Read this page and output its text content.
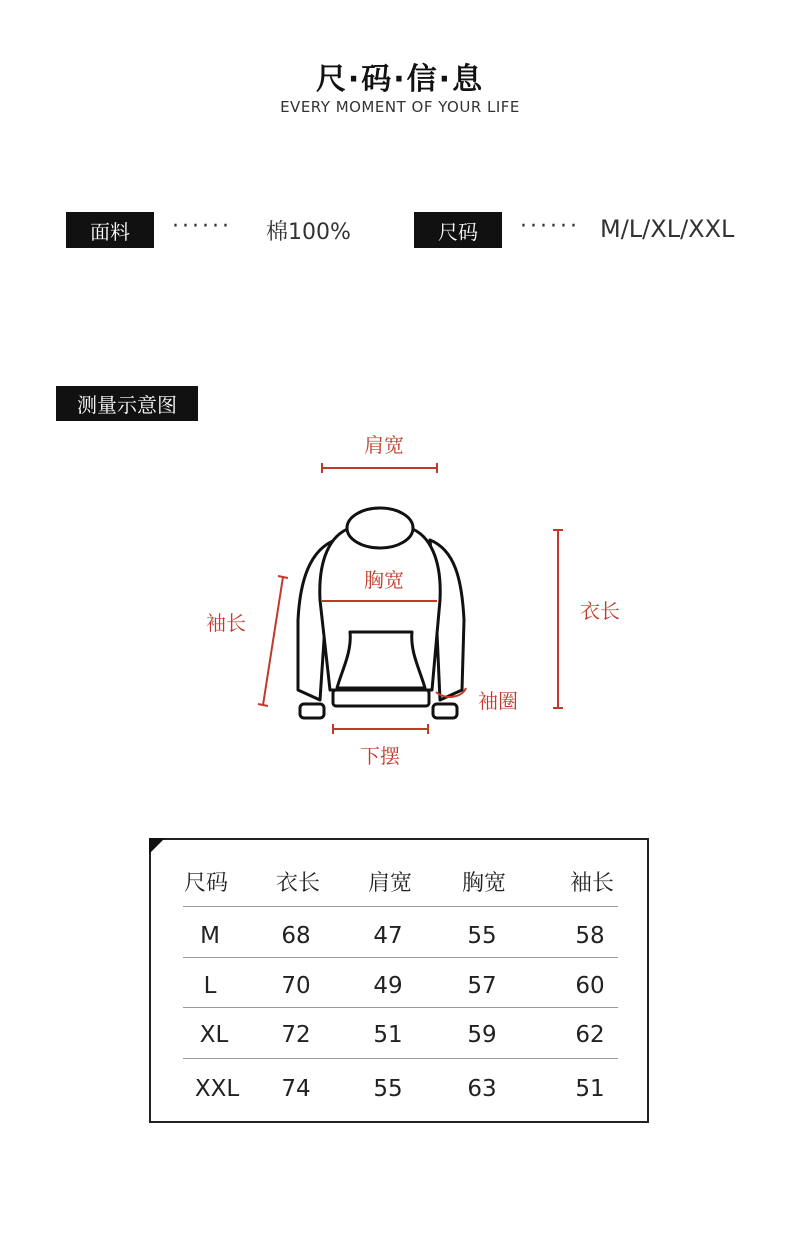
尺·码·信·息
EVERY MOMENT OF YOUR LIFE
面料	······ 棉100%	尺码	······ M/L/XL/XXL
测量示意图
肩宽
胸宽
袖长	衣长
袖圈
下摆
尺码	衣长	肩宽	胸宽	袖长
M	68	47	55	58
L	70	49	57	60
XL	72	51	59	62
XXL	74	55	63	51
